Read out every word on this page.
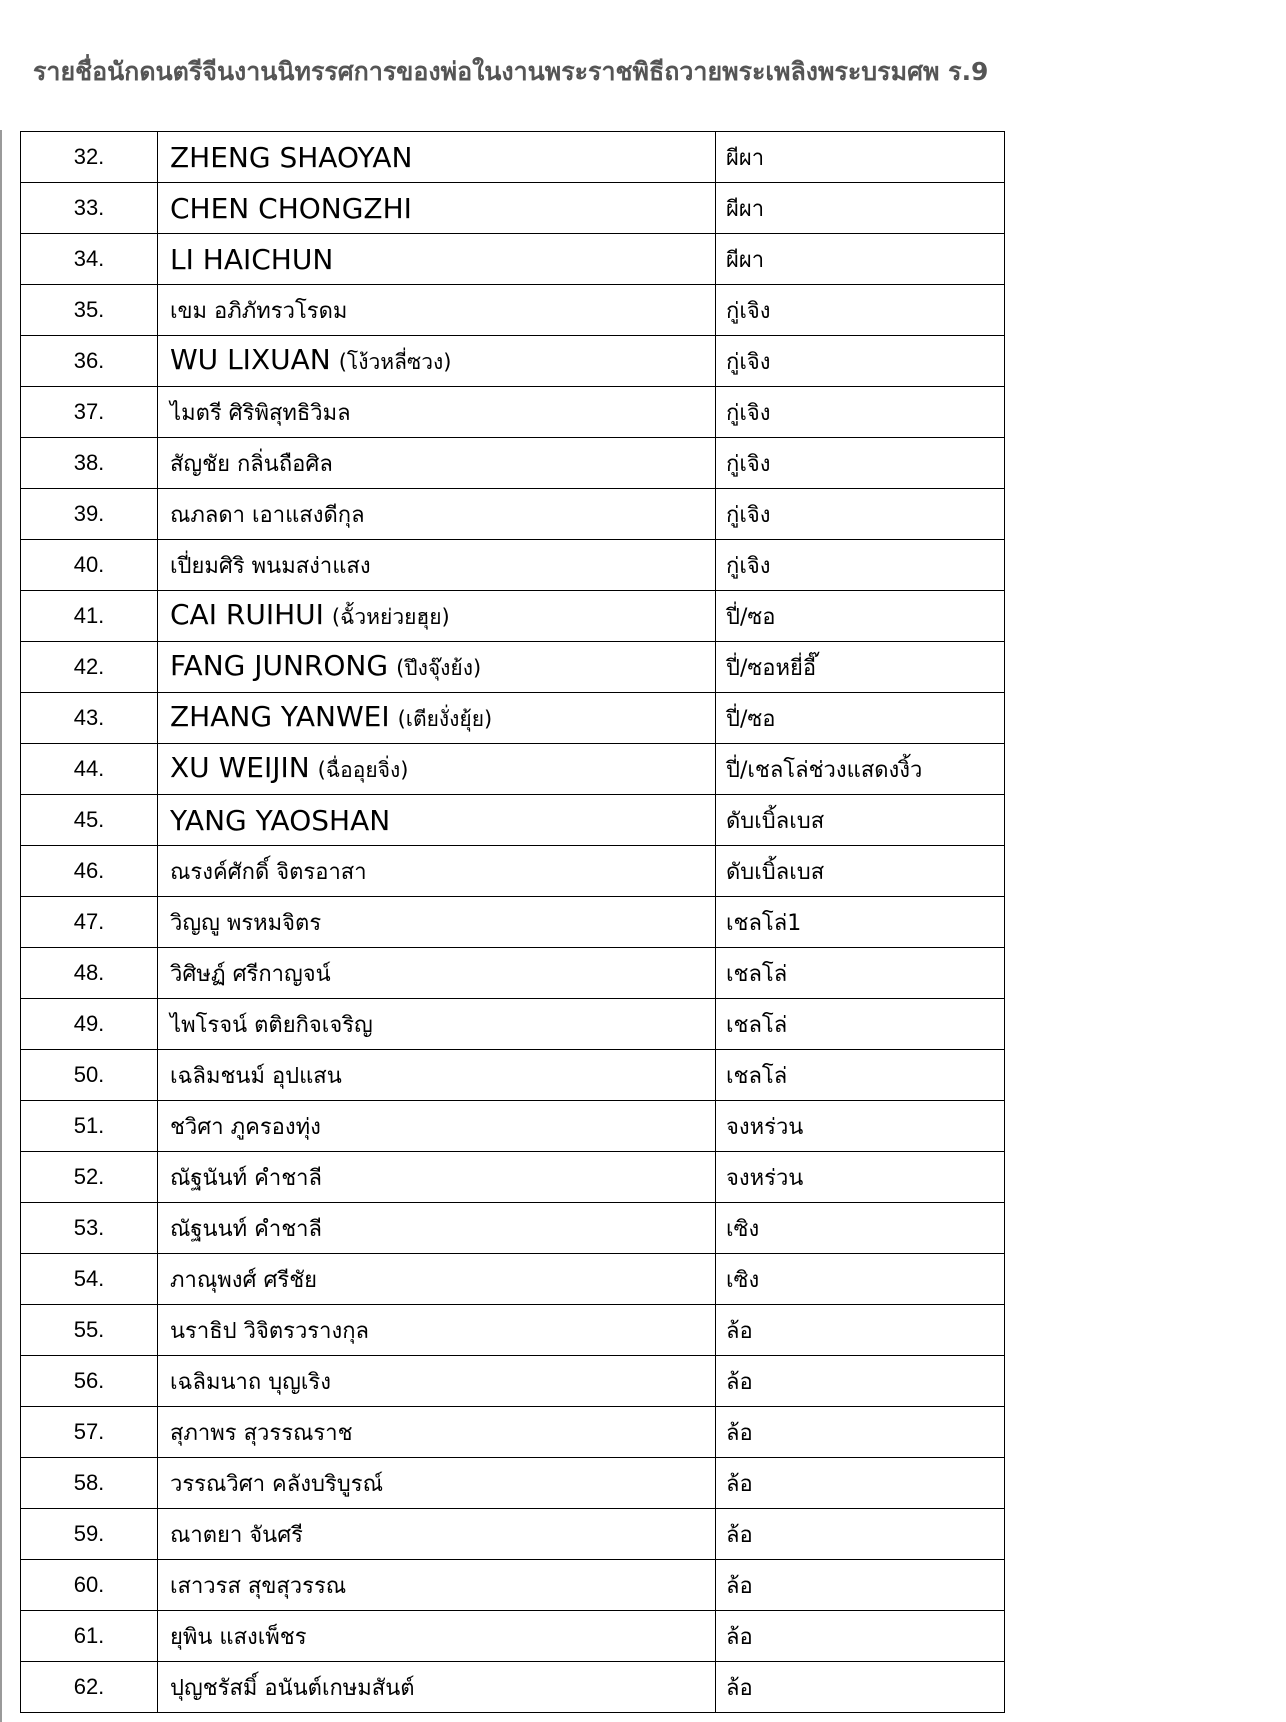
รายชื่อนักดนตรีจีนงานนิทรรศการของพ่อในงานพระราชพิธีถวายพระเพลิงพระบรมศพ ร.9
32.	ZHENG SHAOYAN	ผีผา
33.	CHEN CHONGZHI	ผีผา
34.	LI HAICHUN	ผีผา
35.	เขม อภิภัทรวโรดม	กู่เจิง
36.	WU LIXUAN (โง้วหลี่ซวง)	กู่เจิง
37.	ไมตรี ศิริพิสุทธิวิมล	กู่เจิง
38.	สัญชัย กลิ่นถือศิล	กู่เจิง
39.	ณภลดา เอาแสงดีกุล	กู่เจิง
40.	เปี่ยมศิริ พนมสง่าแสง	กู่เจิง
41.	CAI RUIHUI (ฉั้วหย่วยฮุย)	ปี่/ซอ
42.	FANG JUNRONG (ปึงจุ๊งย้ง)	ปี่/ซอหยี่อี๊
43.	ZHANG YANWEI (เตียงั่งยุ้ย)	ปี่/ซอ
44.	XU WEIJIN (ฉื่ออุยจิ่ง)	ปี่/เชลโล่ช่วงแสดงงิ้ว
45.	YANG YAOSHAN	ดับเบิ้ลเบส
46.	ณรงค์ศักดิ์ จิตรอาสา	ดับเบิ้ลเบส
47.	วิญญู พรหมจิตร	เชลโล่1
48.	วิศิษฏ์ ศรีกาญจน์	เชลโล่
49.	ไพโรจน์ ตติยกิจเจริญ	เชลโล่
50.	เฉลิมชนม์ อุปแสน	เชลโล่
51.	ชวิศา ภูครองทุ่ง	จงหร่วน
52.	ณัฐนันท์ คำชาลี	จงหร่วน
53.	ณัฐนนท์ คำชาลี	เซิง
54.	ภาณุพงศ์ ศรีชัย	เซิง
55.	นราธิป วิจิตรวรางกุล	ล้อ
56.	เฉลิมนาถ บุญเริง	ล้อ
57.	สุภาพร สุวรรณราช	ล้อ
58.	วรรณวิศา คลังบริบูรณ์	ล้อ
59.	ณาตยา จันศรี	ล้อ
60.	เสาวรส สุขสุวรรณ	ล้อ
61.	ยุพิน แสงเพ็ชร	ล้อ
62.	ปุญชรัสมิ์ อนันต์เกษมสันต์	ล้อ
